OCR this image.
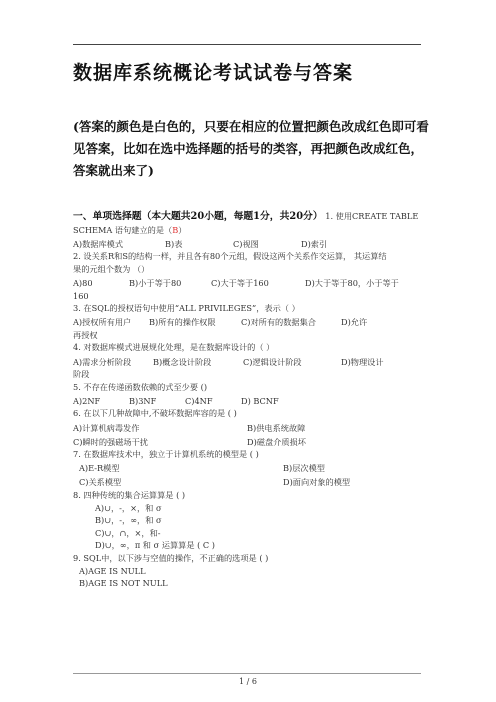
数据库系统概论考试试卷与答案
(答案的颜色是白色的，只要在相应的位置把颜色改成红色即可看见答案，比如在选中选择题的括号的类容，再把颜色改成红色，答案就出来了)

一、单项选择题（本大题共20小题，每题1分，共20分） 1. 使用CREATE TABLE SCHEMA 语句建立的是（B）

A)数据库模式	B)表	C)视图	D)索引

2. 设关系R和S的结构一样，并且各有80个元组，假设这两个关系作交运算， 其运算结

果的元组个数为 （）

A)80	B)小于等于80	C)大于等于160	D)大于等于80，小于等于

160

3. 在SQL的授权语句中使用“ALL PRIVILEGES”，表示（ ）

A)授权所有用户	B)所有的操作权限	C)对所有的数据集合	D)允许

再授权

4. 对数据库模式进展规化处理，是在数据库设计的（ ）

A)需求分析阶段	B)概念设计阶段	C)逻辑设计阶段	D)物理设计

阶段

5. 不存在传递函数依赖的式至少要 ()

A)2NF	B)3NF	C)4NF	D) BCNF

6. 在以下几种故障中,不破坏数据库容的是 ( )

A)计算机病毒发作	B)供电系统故障
C)瞬时的强磁场干扰	D)磁盘介质损坏

7. 在数据库技术中，独立于计算机系统的模型是 ( )

A)E-R模型	B)层次模型
C)关系模型	D)面向对象的模型

8. 四种传统的集合运算算是 ( )

A)∪，-，×，和 σ

B)∪，-，∞，和 σ

C)∪，∩，×，和-

D)∪，∞，π 和 σ 运算算是 ( C )

9. SQL中，以下涉与空值的操作，不正确的选项是 ( )

A)AGE IS NULL

B)AGE IS NOT NULL

1 / 6
